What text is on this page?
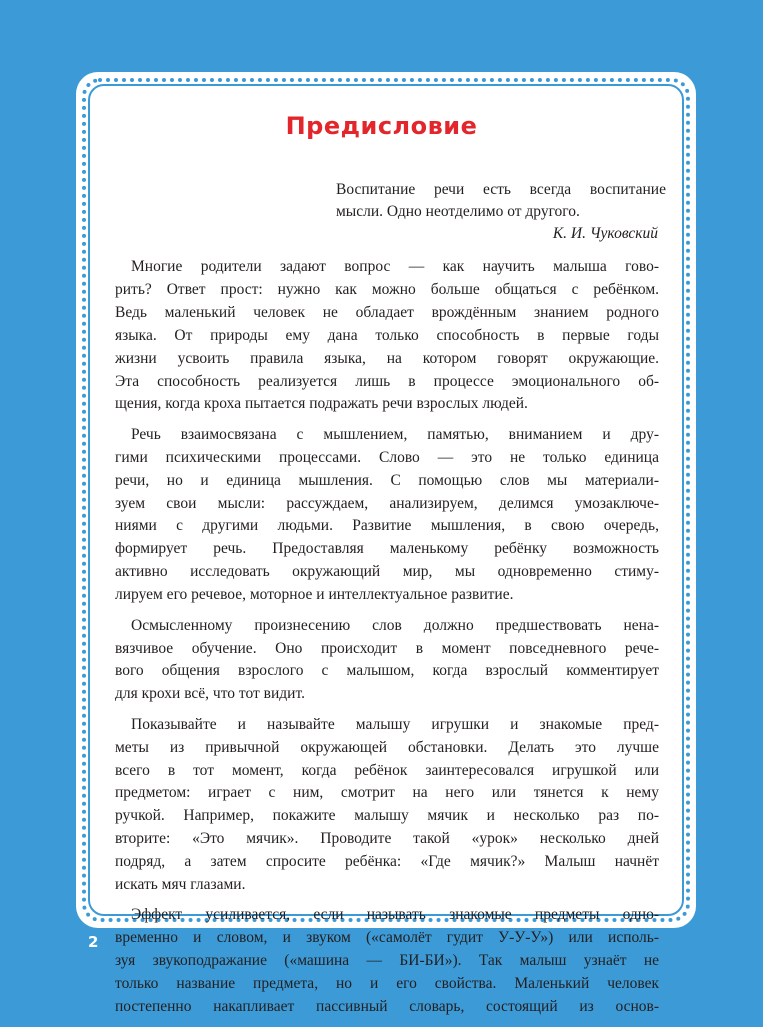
Предисловие
Воспитание речи есть всегда воспитание
мысли. Одно неотделимо от другого.
К. И. Чуковский
Многие родители задают вопрос — как научить малыша гово-
рить? Ответ прост: нужно как можно больше общаться с ребёнком.
Ведь маленький человек не обладает врождённым знанием родного
языка. От природы ему дана только способность в первые годы
жизни усвоить правила языка, на котором говорят окружающие.
Эта способность реализуется лишь в процессе эмоционального об-
щения, когда кроха пытается подражать речи взрослых людей.
Речь взаимосвязана с мышлением, памятью, вниманием и дру-
гими психическими процессами. Слово — это не только единица
речи, но и единица мышления. С помощью слов мы материали-
зуем свои мысли: рассуждаем, анализируем, делимся умозаключе-
ниями с другими людьми. Развитие мышления, в свою очередь,
формирует речь. Предоставляя маленькому ребёнку возможность
активно исследовать окружающий мир, мы одновременно стиму-
лируем его речевое, моторное и интеллектуальное развитие.
Осмысленному произнесению слов должно предшествовать нена-
вязчивое обучение. Оно происходит в момент повседневного рече-
вого общения взрослого с малышом, когда взрослый комментирует
для крохи всё, что тот видит.
Показывайте и называйте малышу игрушки и знакомые пред-
меты из привычной окружающей обстановки. Делать это лучше
всего в тот момент, когда ребёнок заинтересовался игрушкой или
предметом: играет с ним, смотрит на него или тянется к нему
ручкой. Например, покажите малышу мячик и несколько раз по-
вторите: «Это мячик». Проводите такой «урок» несколько дней
подряд, а затем спросите ребёнка: «Где мячик?» Малыш начнёт
искать мяч глазами.
Эффект усиливается, если называть знакомые предметы одно-
временно и словом, и звуком («самолёт гудит У-У-У») или исполь-
зуя звукоподражание («машина — БИ-БИ»). Так малыш узнаёт не
только название предмета, но и его свойства. Маленький человек
постепенно накапливает пассивный словарь, состоящий из основ-
2
